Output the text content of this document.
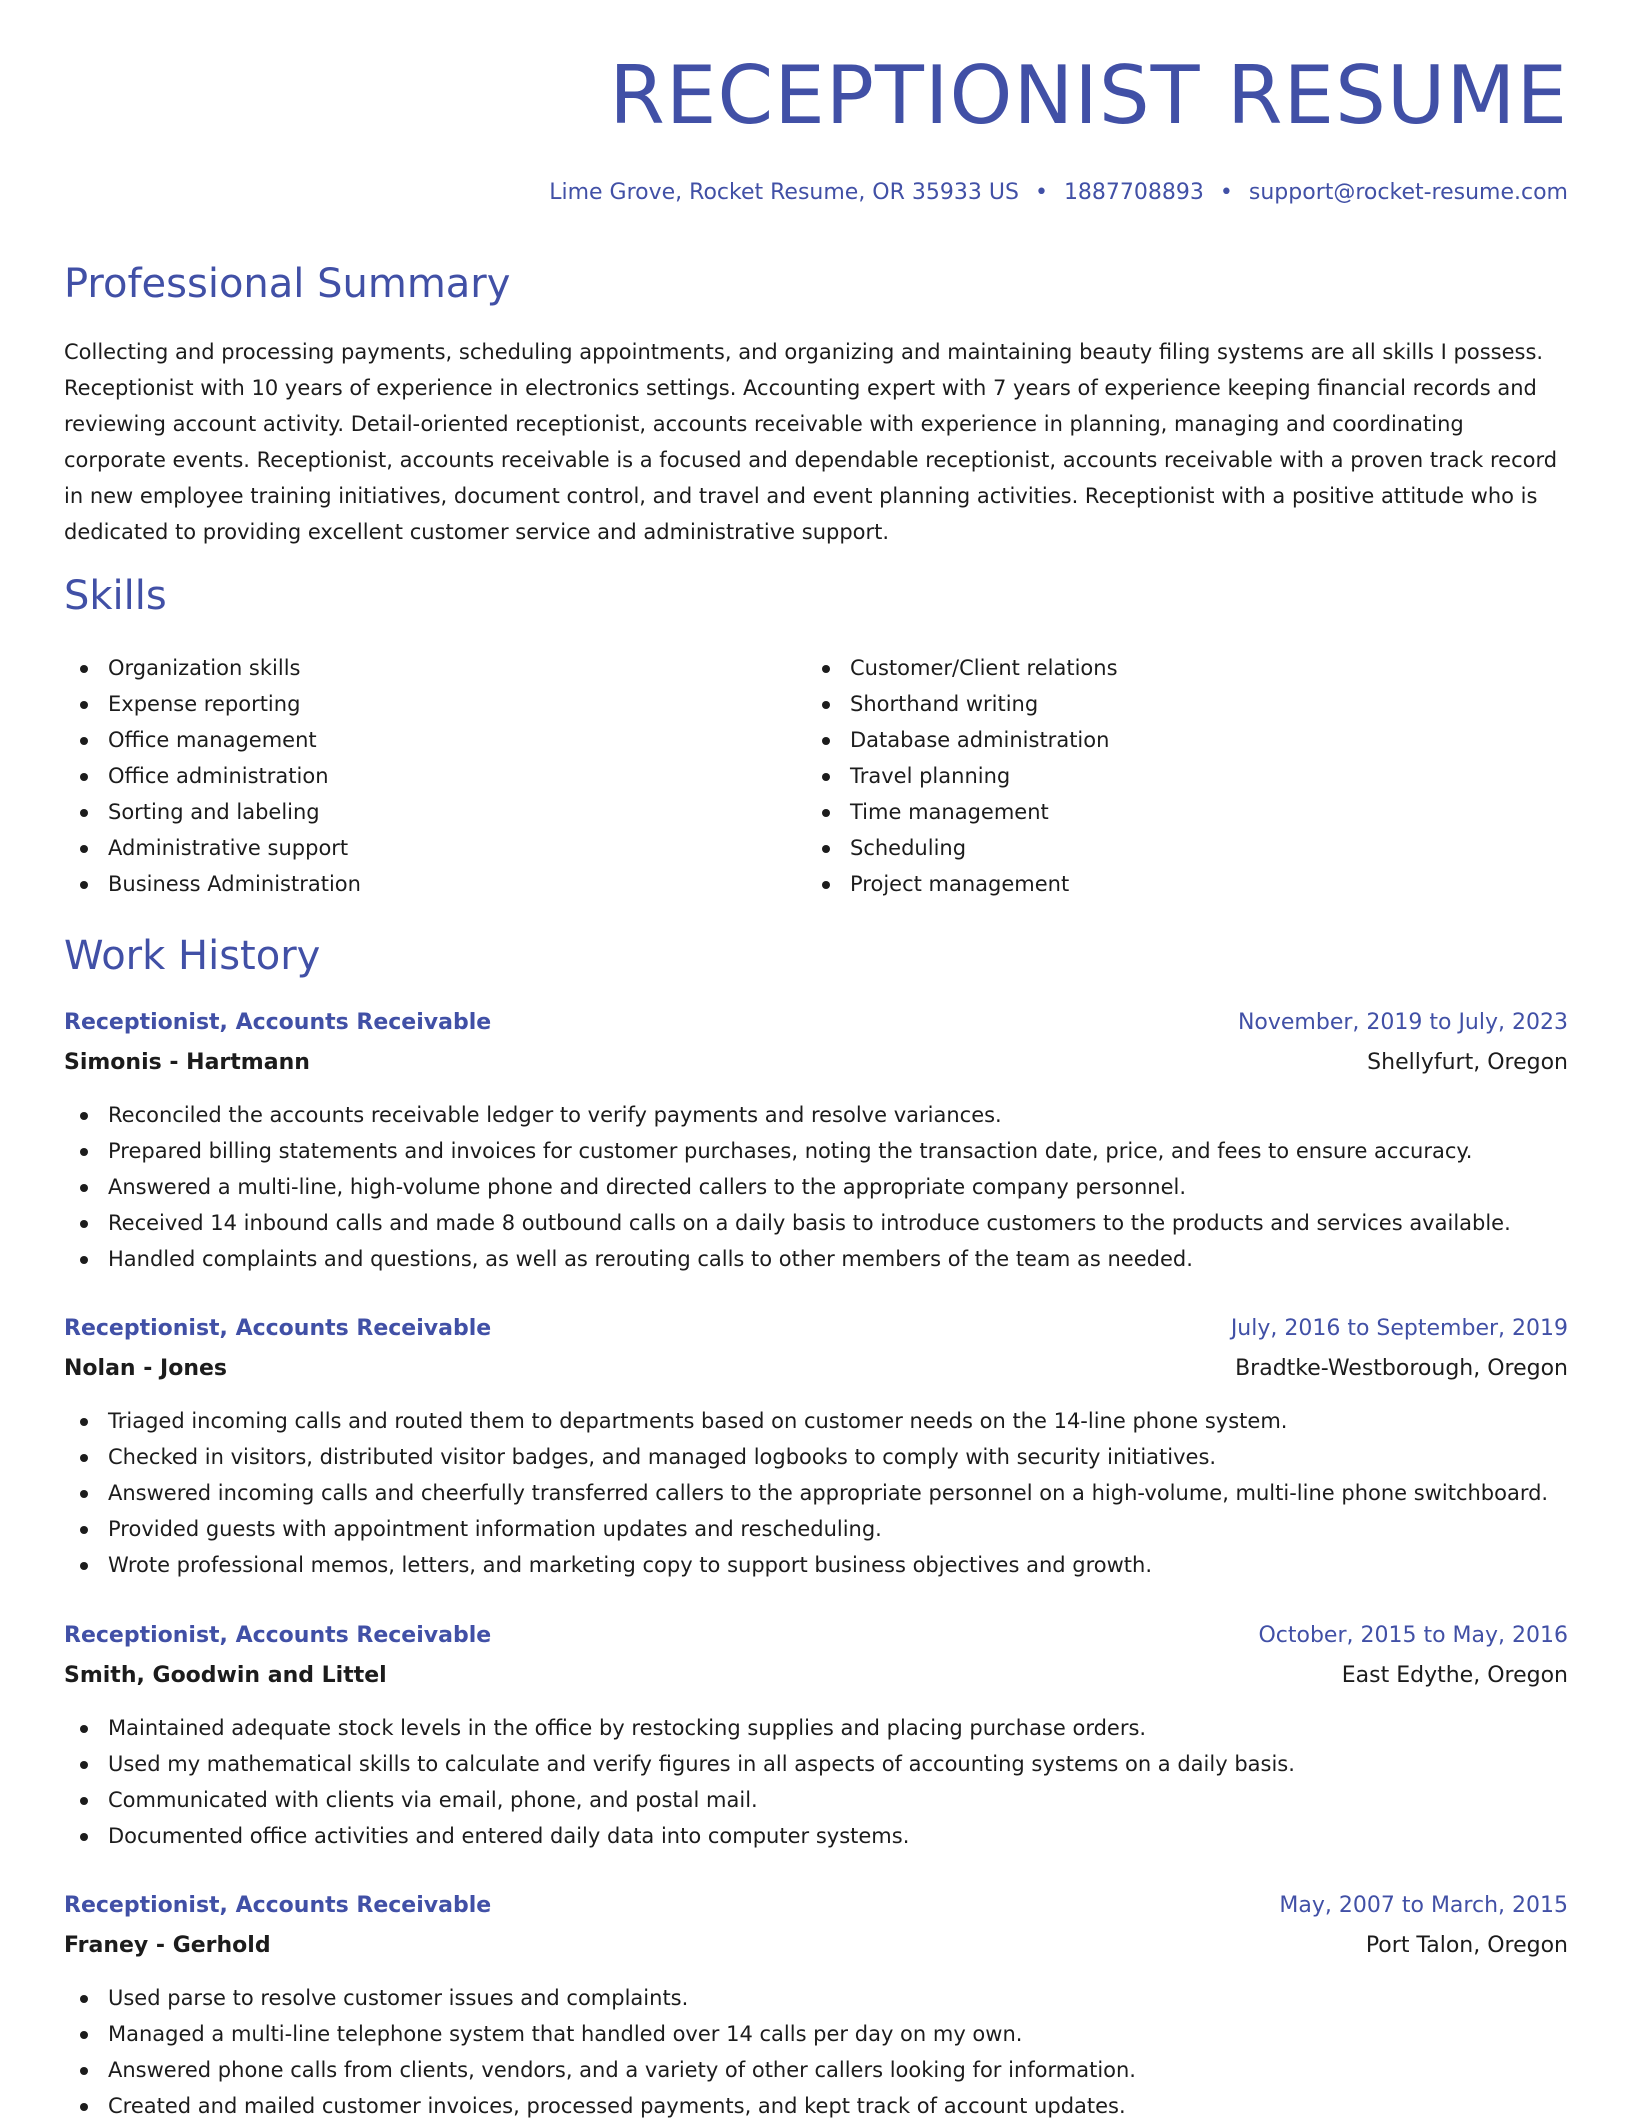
RECEPTIONIST RESUME
Lime Grove, Rocket Resume, OR 35933 US • 1887708893 • support@rocket-resume.com
Professional Summary

Collecting and processing payments, scheduling appointments, and organizing and maintaining beauty filing systems are all skills I possess. Receptionist with 10 years of experience in electronics settings. Accounting expert with 7 years of experience keeping financial records and reviewing account activity. Detail-oriented receptionist, accounts receivable with experience in planning, managing and coordinating corporate events. Receptionist, accounts receivable is a focused and dependable receptionist, accounts receivable with a proven track record in new employee training initiatives, document control, and travel and event planning activities. Receptionist with a positive attitude who is dedicated to providing excellent customer service and administrative support.

Skills
Organization skills
Expense reporting
Office management
Office administration
Sorting and labeling
Administrative support
Business Administration
Customer/Client relations
Shorthand writing
Database administration
Travel planning
Time management
Scheduling
Project management
Work History
Receptionist, Accounts Receivable	November, 2019 to July, 2023
Simonis - Hartmann	Shellyfurt, Oregon
Reconciled the accounts receivable ledger to verify payments and resolve variances.
Prepared billing statements and invoices for customer purchases, noting the transaction date, price, and fees to ensure accuracy.
Answered a multi-line, high-volume phone and directed callers to the appropriate company personnel.
Received 14 inbound calls and made 8 outbound calls on a daily basis to introduce customers to the products and services available.
Handled complaints and questions, as well as rerouting calls to other members of the team as needed.
Receptionist, Accounts Receivable	July, 2016 to September, 2019
Nolan - Jones	Bradtke-Westborough, Oregon
Triaged incoming calls and routed them to departments based on customer needs on the 14-line phone system.
Checked in visitors, distributed visitor badges, and managed logbooks to comply with security initiatives.
Answered incoming calls and cheerfully transferred callers to the appropriate personnel on a high-volume, multi-line phone switchboard.
Provided guests with appointment information updates and rescheduling.
Wrote professional memos, letters, and marketing copy to support business objectives and growth.
Receptionist, Accounts Receivable	October, 2015 to May, 2016
Smith, Goodwin and Littel	East Edythe, Oregon
Maintained adequate stock levels in the office by restocking supplies and placing purchase orders.
Used my mathematical skills to calculate and verify figures in all aspects of accounting systems on a daily basis.
Communicated with clients via email, phone, and postal mail.
Documented office activities and entered daily data into computer systems.
Receptionist, Accounts Receivable	May, 2007 to March, 2015
Franey - Gerhold	Port Talon, Oregon
Used parse to resolve customer issues and complaints.
Managed a multi-line telephone system that handled over 14 calls per day on my own.
Answered phone calls from clients, vendors, and a variety of other callers looking for information.
Created and mailed customer invoices, processed payments, and kept track of account updates.
